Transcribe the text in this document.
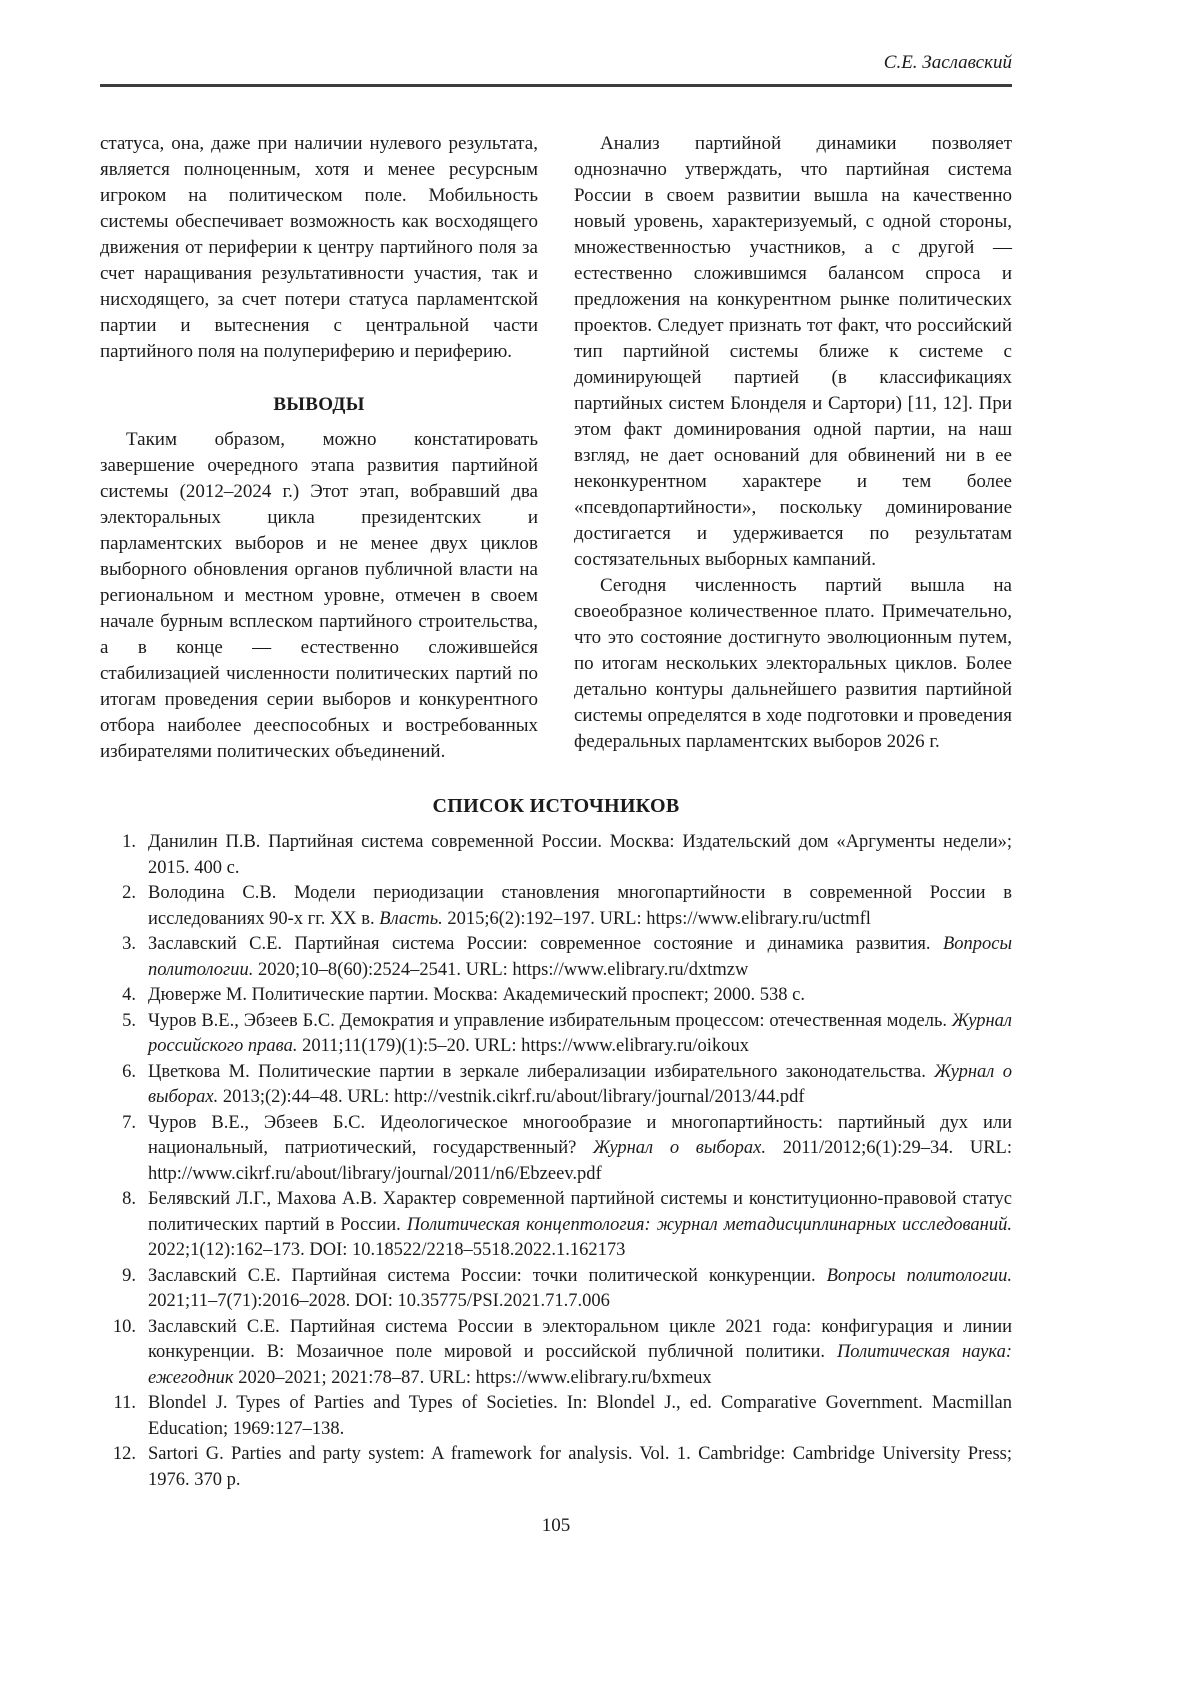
С.Е. Заславский

статуса, она, даже при наличии нулевого результата, является полноценным, хотя и менее ресурсным игроком на политическом поле. Мобильность системы обеспечивает возможность как восходящего движения от периферии к центру партийного поля за счет наращивания результативности участия, так и нисходящего, за счет потери статуса парламентской партии и вытеснения с центральной части партийного поля на полупериферию и периферию.

ВЫВОДЫ

Таким образом, можно констатировать завершение очередного этапа развития партийной системы (2012–2024 г.) Этот этап, вобравший два электоральных цикла президентских и парламентских выборов и не менее двух циклов выборного обновления органов публичной власти на региональном и местном уровне, отмечен в своем начале бурным всплеском партийного строительства, а в конце — естественно сложившейся стабилизацией численности политических партий по итогам проведения серии выборов и конкурентного отбора наиболее дееспособных и востребованных избирателями политических объединений.

Анализ партийной динамики позволяет однозначно утверждать, что партийная система России в своем развитии вышла на качественно новый уровень, характеризуемый, с одной стороны, множественностью участников, а с другой — естественно сложившимся балансом спроса и предложения на конкурентном рынке политических проектов. Следует признать тот факт, что российский тип партийной системы ближе к системе с доминирующей партией (в классификациях партийных систем Блонделя и Сартори) [11, 12]. При этом факт доминирования одной партии, на наш взгляд, не дает оснований для обвинений ни в ее неконкурентном характере и тем более «псевдопартийности», поскольку доминирование достигается и удерживается по результатам состязательных выборных кампаний.

Сегодня численность партий вышла на своеобразное количественное плато. Примечательно, что это состояние достигнуто эволюционным путем, по итогам нескольких электоральных циклов. Более детально контуры дальнейшего развития партийной системы определятся в ходе подготовки и проведения федеральных парламентских выборов 2026 г.

СПИСОК ИСТОЧНИКОВ
1. Данилин П.В. Партийная система современной России. Москва: Издательский дом «Аргументы недели»; 2015. 400 с.
2. Володина С.В. Модели периодизации становления многопартийности в современной России в исследованиях 90-х гг. XX в. Власть. 2015;6(2):192–197. URL: https://www.elibrary.ru/uctmfl
3. Заславский С.Е. Партийная система России: современное состояние и динамика развития. Вопросы политологии. 2020;10–8(60):2524–2541. URL: https://www.elibrary.ru/dxtmzw
4. Дюверже М. Политические партии. Москва: Академический проспект; 2000. 538 с.
5. Чуров В.Е., Эбзеев Б.С. Демократия и управление избирательным процессом: отечественная модель. Журнал российского права. 2011;11(179)(1):5–20. URL: https://www.elibrary.ru/oikoux
6. Цветкова М. Политические партии в зеркале либерализации избирательного законодательства. Журнал о выборах. 2013;(2):44–48. URL: http://vestnik.cikrf.ru/about/library/journal/2013/44.pdf
7. Чуров В.Е., Эбзеев Б.С. Идеологическое многообразие и многопартийность: партийный дух или национальный, патриотический, государственный? Журнал о выборах. 2011/2012;6(1):29–34. URL: http://www.cikrf.ru/about/library/journal/2011/n6/Ebzeev.pdf
8. Белявский Л.Г., Махова А.В. Характер современной партийной системы и конституционно-правовой статус политических партий в России. Политическая концептология: журнал метадисциплинарных исследований. 2022;1(12):162–173. DOI: 10.18522/2218–5518.2022.1.162173
9. Заславский С.Е. Партийная система России: точки политической конкуренции. Вопросы политологии. 2021;11–7(71):2016–2028. DOI: 10.35775/PSI.2021.71.7.006
10. Заславский С.Е. Партийная система России в электоральном цикле 2021 года: конфигурация и линии конкуренции. В: Мозаичное поле мировой и российской публичной политики. Политическая наука: ежегодник 2020–2021; 2021:78–87. URL: https://www.elibrary.ru/bxmeux
11. Blondel J. Types of Parties and Types of Societies. In: Blondel J., ed. Comparative Government. Macmillan Education; 1969:127–138.
12. Sartori G. Parties and party system: A framework for analysis. Vol. 1. Cambridge: Cambridge University Press; 1976. 370 p.
105
